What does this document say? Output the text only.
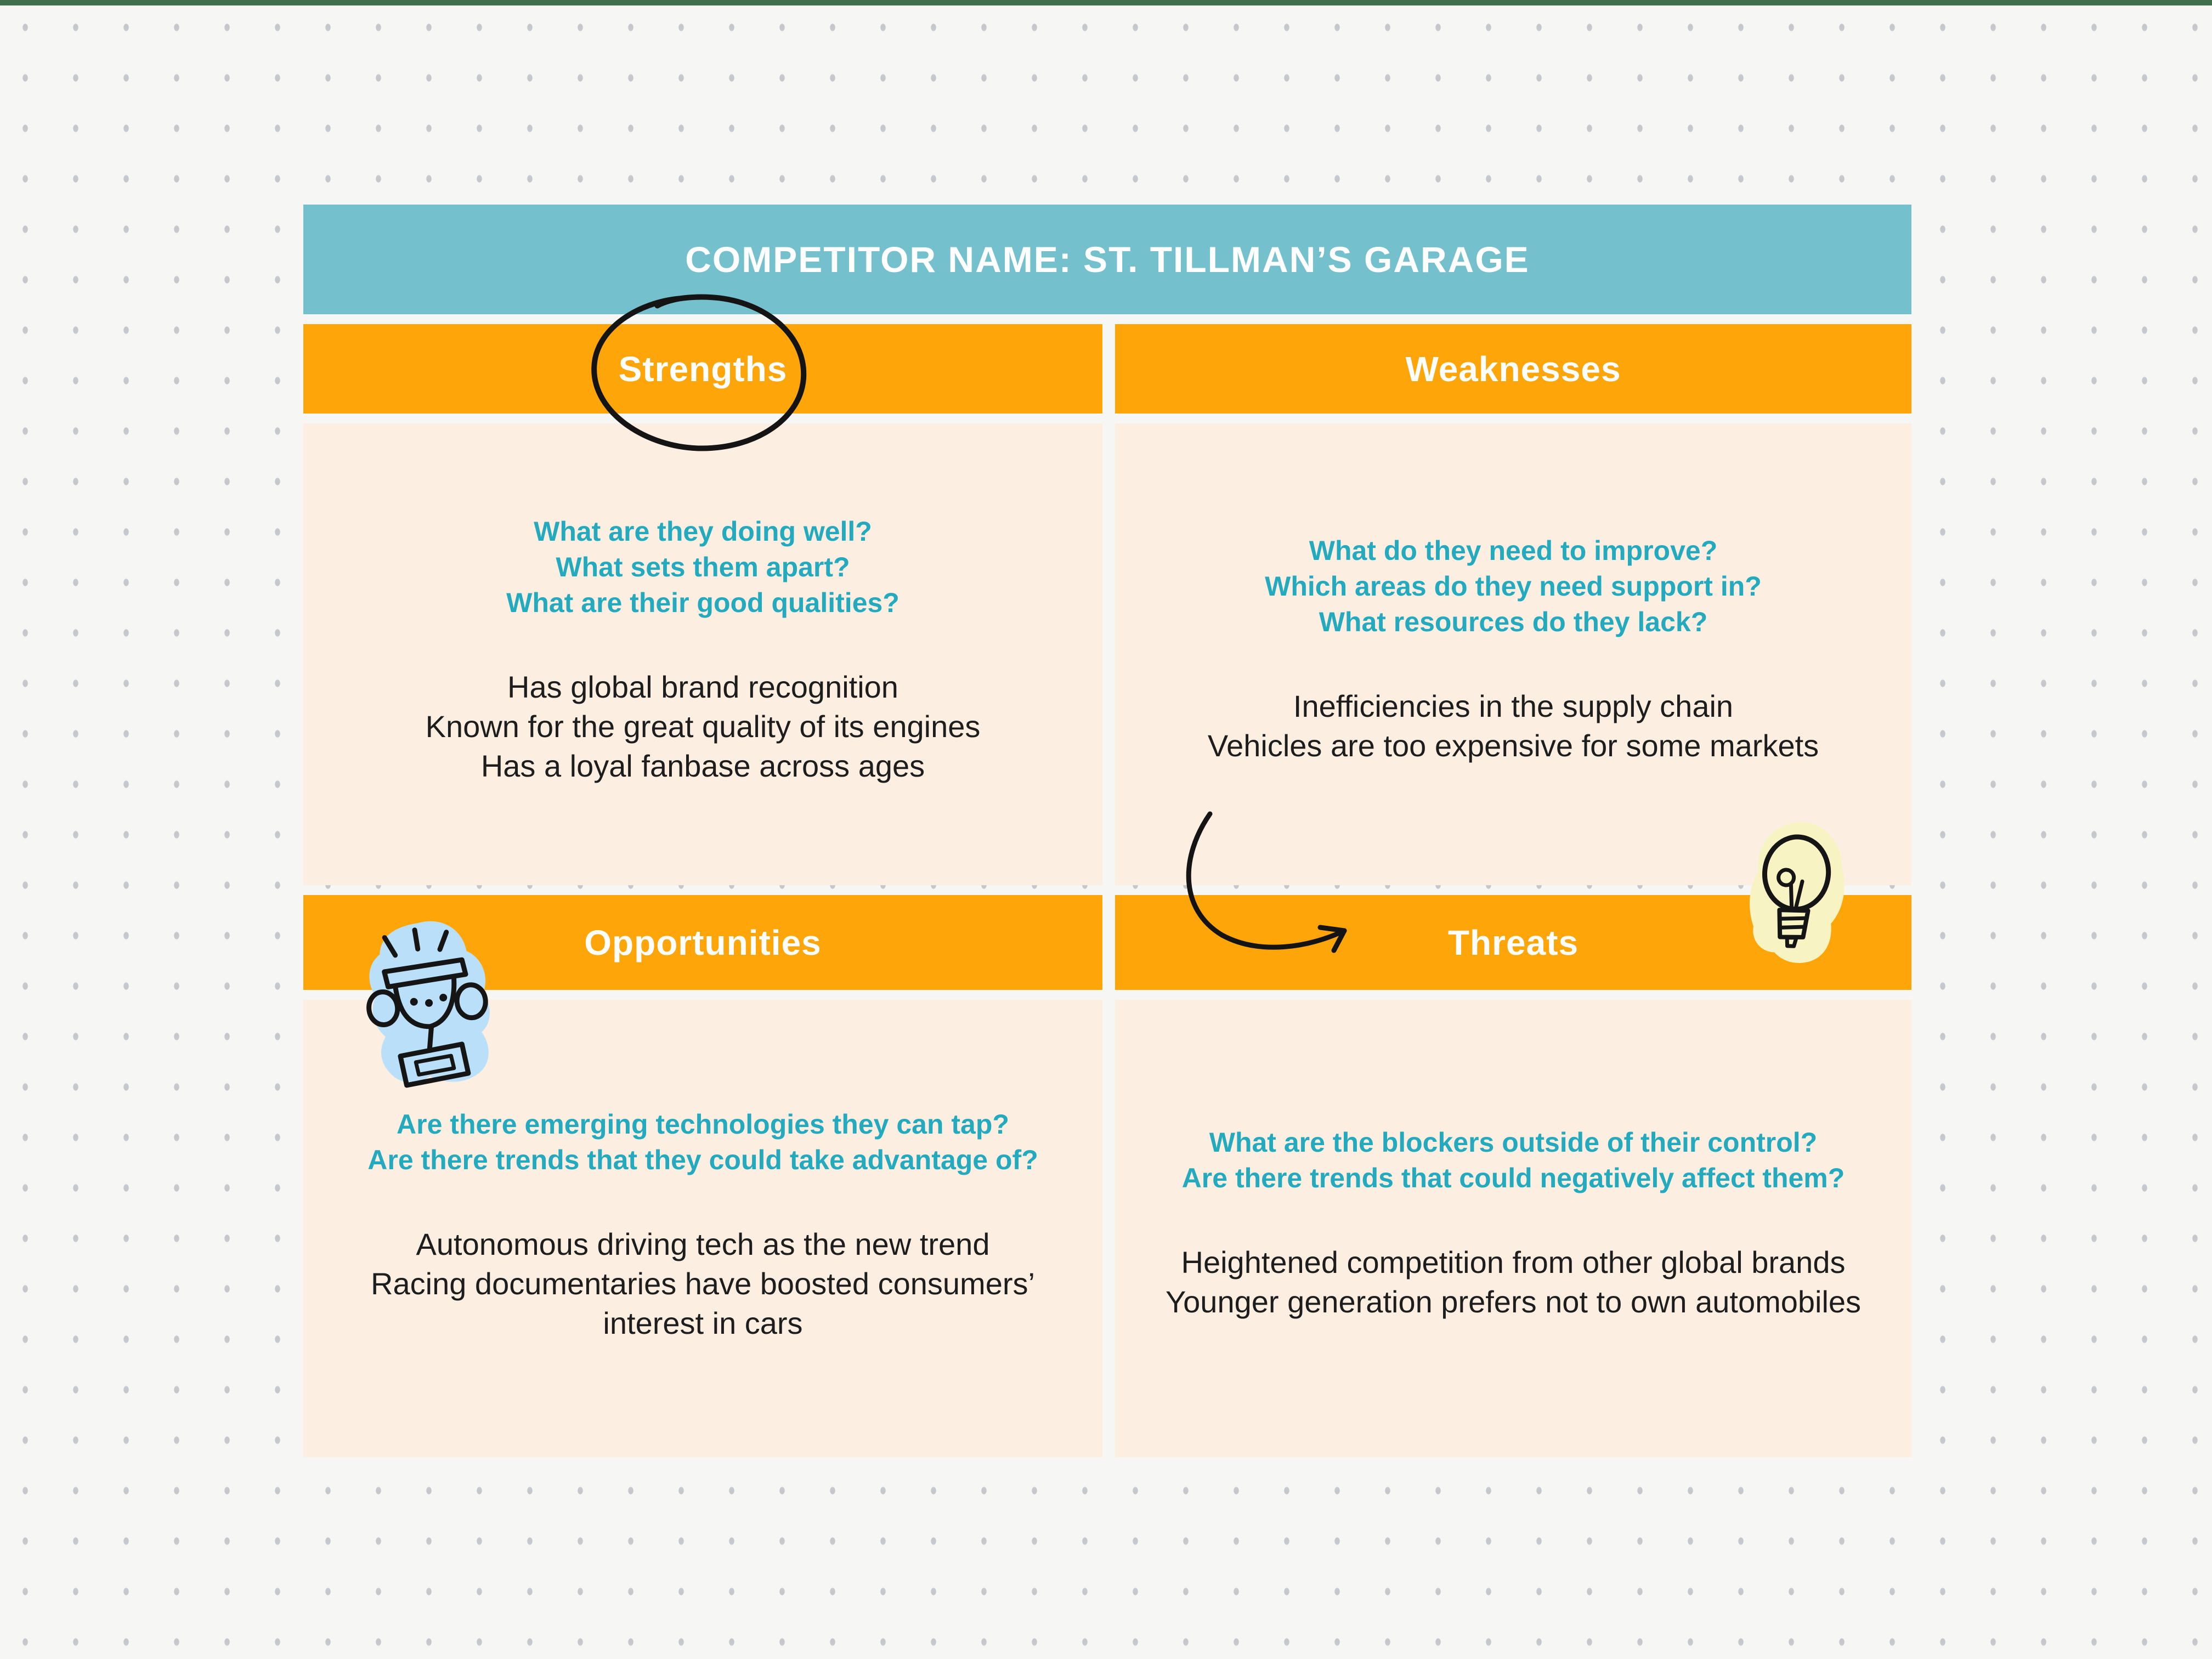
COMPETITOR NAME: ST. TILLMAN’S GARAGE
Strengths	Weaknesses

What are they doing well?

What sets them apart?

What are their good qualities?

Has global brand recognition

Known for the great quality of its engines

Has a loyal fanbase across ages

What do they need to improve?

Which areas do they need support in?

What resources do they lack?

Inefficiencies in the supply chain

Vehicles are too expensive for some markets

Opportunities	Threats

Are there emerging technologies they can tap?

Are there trends that they could take advantage of?

Autonomous driving tech as the new trend

Racing documentaries have boosted consumers’ interest in cars

What are the blockers outside of their control?

Are there trends that could negatively affect them?

Heightened competition from other global brands

Younger generation prefers not to own automobiles
